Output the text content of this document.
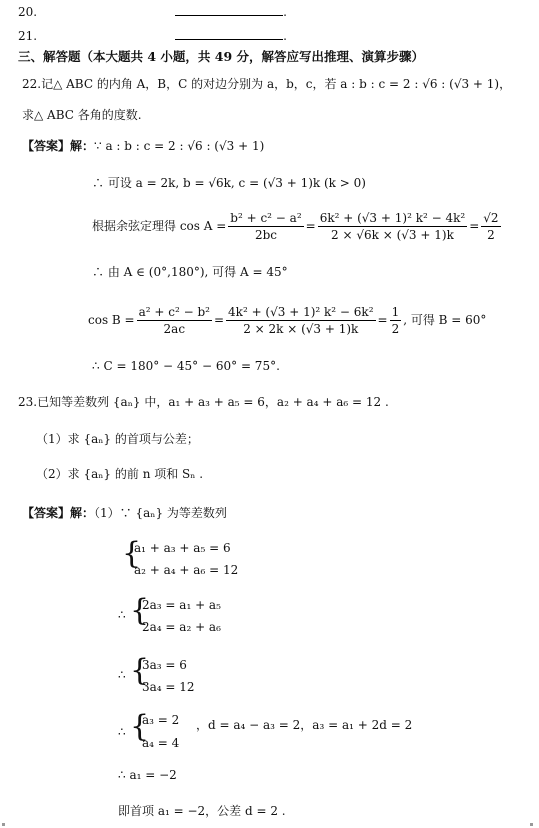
20.	.
21.	.
三、解答题（本大题共 4 小题，共 49 分，解答应写出推理、演算步骤）
22.记△ ABC 的内角 A，B，C 的对边分别为 a，b，c，若 a : b : c = 2 : √6 : (√3 + 1)，
求△ ABC 各角的度数.
【答案】解：∵ a : b : c = 2 : √6 : (√3 + 1)
∴ 可设 a = 2k, b = √6k, c = (√3 + 1)k (k > 0)
根据余弦定理得 $\cos A = \frac{\text{b² + c² − a²}}{2bc} = \frac{\text{6k² + (√3 + 1)² k² − 4k²}}{2 \times √6k \times (√3 + 1)k} = \frac{√2}{2}$
∴ 由 A ∈ (0°,180°), 可得 A = 45°
$\cos B = \frac{\text{a² + c² − b²}}{2ac} = \frac{\text{4k² + (√3 + 1)² k² − 6k²}}{2 \times 2k \times (√3 + 1)k} = \frac{1}{2}$ , 可得 B = 60°
∴ C = 180° − 45° − 60° = 75°.
23.已知等差数列 {aₙ} 中，a₁ + a₃ + a₅ = 6，a₂ + a₄ + a₆ = 12 .
（1）求 {aₙ} 的首项与公差；
（2）求 {aₙ} 的前 n 项和 Sₙ .
【答案】解：（1）∵ {aₙ} 为等差数列
{
a₁ + a₃ + a₅ = 6
a₂ + a₄ + a₆ = 12
∴ {
2a₃ = a₁ + a₅
2a₄ = a₂ + a₆
∴ {
3a₃ = 6
3a₄ = 12
∴ {
a₃ = 2
a₄ = 4
，d = a₄ − a₃ = 2，a₃ = a₁ + 2d = 2
∴ a₁ = −2
即首项 a₁ = −2，公差 d = 2 .
